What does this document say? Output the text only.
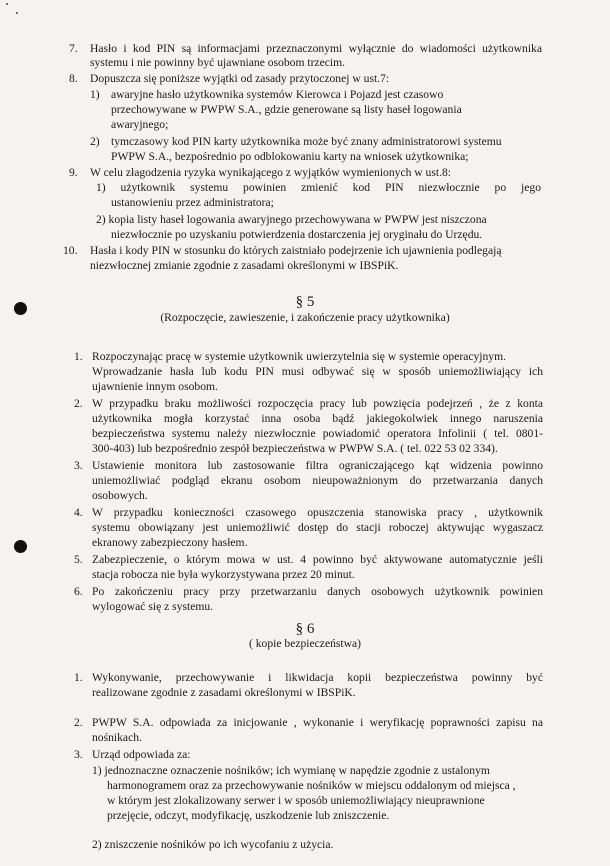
7. Hasło i kod PIN są informacjami przeznaczonymi wyłącznie do wiadomości użytkownika
systemu i nie powinny być ujawniane osobom trzecim.
8. Dopuszcza się poniższe wyjątki od zasady przytoczonej w ust.7:
1) awaryjne hasło użytkownika systemów Kierowca i Pojazd jest czasowo
przechowywane w PWPW S.A., gdzie generowane są listy haseł logowania
awaryjnego;
2) tymczasowy kod PIN karty użytkownika może być znany administratorowi systemu
PWPW S.A., bezpośrednio po odblokowaniu karty na wniosek użytkownika;
9. W celu złagodzenia ryzyka wynikającego z wyjątków wymienionych w ust.8:
1) użytkownik systemu powinien zmienić kod PIN niezwłocznie po jego
ustanowieniu przez administratora;
2) kopia listy haseł logowania awaryjnego przechowywana w PWPW jest niszczona
niezwłocznie po uzyskaniu potwierdzenia dostarczenia jej oryginału do Urzędu.
10. Hasła i kody PIN w stosunku do których zaistniało podejrzenie ich ujawnienia podlegają
niezwłocznej zmianie zgodnie z zasadami określonymi w IBSPiK.
§ 5
(Rozpoczęcie, zawieszenie, i zakończenie pracy użytkownika)
1. Rozpoczynając pracę w systemie użytkownik uwierzytelnia się w systemie operacyjnym.
Wprowadzanie hasła lub kodu PIN musi odbywać się w sposób uniemożliwiający ich
ujawnienie innym osobom.
2. W przypadku braku możliwości rozpoczęcia pracy lub powzięcia podejrzeń , że z konta
użytkownika mogła korzystać inna osoba bądź jakiegokolwiek innego naruszenia
bezpieczeństwa systemu należy niezwłocznie powiadomić operatora Infolinii ( tel. 0801-
300-403) lub bezpośrednio zespół bezpieczeństwa w PWPW S.A. ( tel. 022 53 02 334).
3. Ustawienie monitora lub zastosowanie filtra ograniczającego kąt widzenia powinno
uniemożliwiać podgląd ekranu osobom nieupoważnionym do przetwarzania danych
osobowych.
4. W przypadku konieczności czasowego opuszczenia stanowiska pracy , użytkownik
systemu obowiązany jest uniemożliwić dostęp do stacji roboczej aktywując wygaszacz
ekranowy zabezpieczony hasłem.
5. Zabezpieczenie, o którym mowa w ust. 4 powinno być aktywowane automatycznie jeśli
stacja robocza nie była wykorzystywana przez 20 minut.
6. Po zakończeniu pracy przy przetwarzaniu danych osobowych użytkownik powinien
wylogować się z systemu.
§ 6
( kopie bezpieczeństwa)
1. Wykonywanie, przechowywanie i likwidacja kopii bezpieczeństwa powinny być
realizowane zgodnie z zasadami określonymi w IBSPiK.
2. PWPW S.A. odpowiada za inicjowanie , wykonanie i weryfikację poprawności zapisu na
nośnikach.
3. Urząd odpowiada za:
1) jednoznaczne oznaczenie nośników; ich wymianę w napędzie zgodnie z ustalonym
harmonogramem oraz za przechowywanie nośników w miejscu oddalonym od miejsca ,
w którym jest zlokalizowany serwer i w sposób uniemożliwiający nieuprawnione
przejęcie, odczyt, modyfikację, uszkodzenie lub zniszczenie.
2) zniszczenie nośników po ich wycofaniu z użycia.
